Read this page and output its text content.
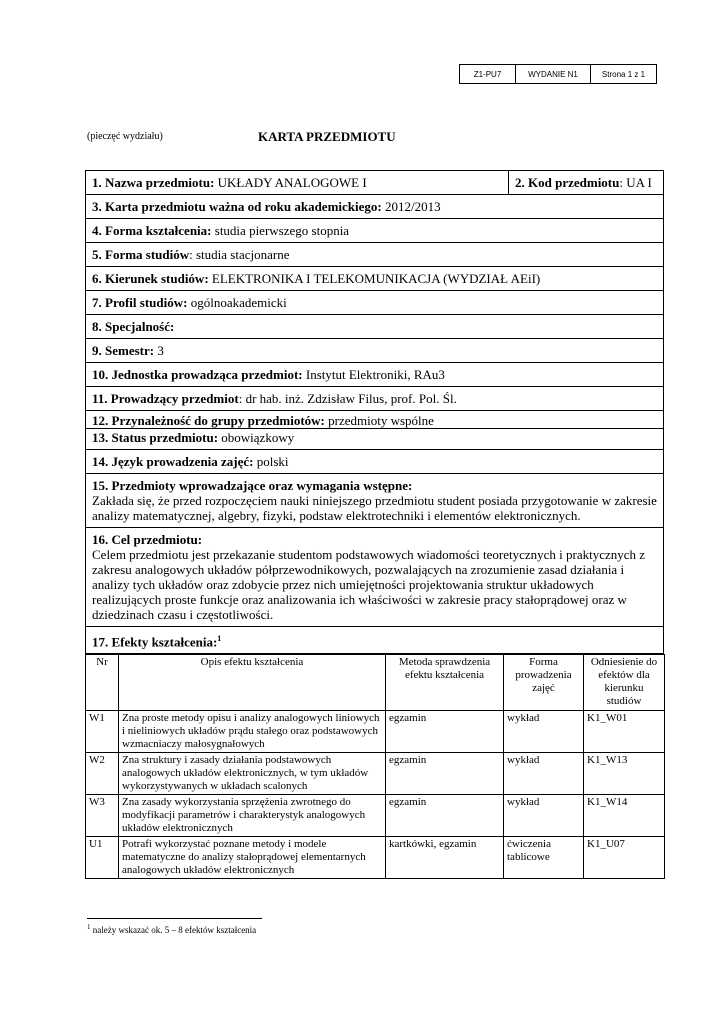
Z1-PU7	WYDANIE N1	Strona 1 z 1
(pieczęć wydziału)	KARTA PRZEDMIOTU
1. Nazwa przedmiotu: UKŁADY ANALOGOWE I	2. Kod przedmiotu: UA I
3. Karta przedmiotu ważna od roku akademickiego: 2012/2013
4. Forma kształcenia: studia pierwszego stopnia
5. Forma studiów: studia stacjonarne
6. Kierunek studiów: ELEKTRONIKA I TELEKOMUNIKACJA (WYDZIAŁ AEiI)
7. Profil studiów: ogólnoakademicki
8. Specjalność:
9. Semestr: 3
10. Jednostka prowadząca przedmiot: Instytut Elektroniki, RAu3
11. Prowadzący przedmiot: dr hab. inż. Zdzisław Filus, prof. Pol. Śl.
12. Przynależność do grupy przedmiotów: przedmioty wspólne
13. Status przedmiotu: obowiązkowy
14. Język prowadzenia zajęć: polski
15. Przedmioty wprowadzające oraz wymagania wstępne:
Zakłada się, że przed rozpoczęciem nauki niniejszego przedmiotu student posiada przygotowanie w zakresie analizy matematycznej, algebry, fizyki, podstaw elektrotechniki i elementów elektronicznych.
16. Cel przedmiotu:
Celem przedmiotu jest przekazanie studentom podstawowych wiadomości teoretycznych i praktycznych z zakresu analogowych układów półprzewodnikowych, pozwalających na zrozumienie zasad działania i analizy tych układów oraz zdobycie przez nich umiejętności projektowania struktur układowych realizujących proste funkcje oraz analizowania ich właściwości w zakresie pracy stałoprądowej oraz w dziedzinach czasu i częstotliwości.
17. Efekty kształcenia:$^1$
Nr	Opis efektu kształcenia	Metoda sprawdzenia efektu kształcenia	Forma prowadzenia zajęć	Odniesienie do efektów dla kierunku studiów
W1	Zna proste metody opisu i analizy analogowych liniowych i nieliniowych układów prądu stałego oraz podstawowych wzmacniaczy małosygnałowych	egzamin	wykład	K1_W01
W2	Zna struktury i zasady działania podstawowych analogowych układów elektronicznych, w tym układów wykorzystywanych w układach scalonych	egzamin	wykład	K1_W13
W3	Zna zasady wykorzystania sprzężenia zwrotnego do modyfikacji parametrów i charakterystyk analogowych układów elektronicznych	egzamin	wykład	K1_W14
U1	Potrafi wykorzystać poznane metody i modele matematyczne do analizy stałoprądowej elementarnych analogowych układów elektronicznych	kartkówki, egzamin	ćwiczenia tablicowe	K1_U07
$^1$ należy wskazać ok. 5 – 8 efektów kształcenia
